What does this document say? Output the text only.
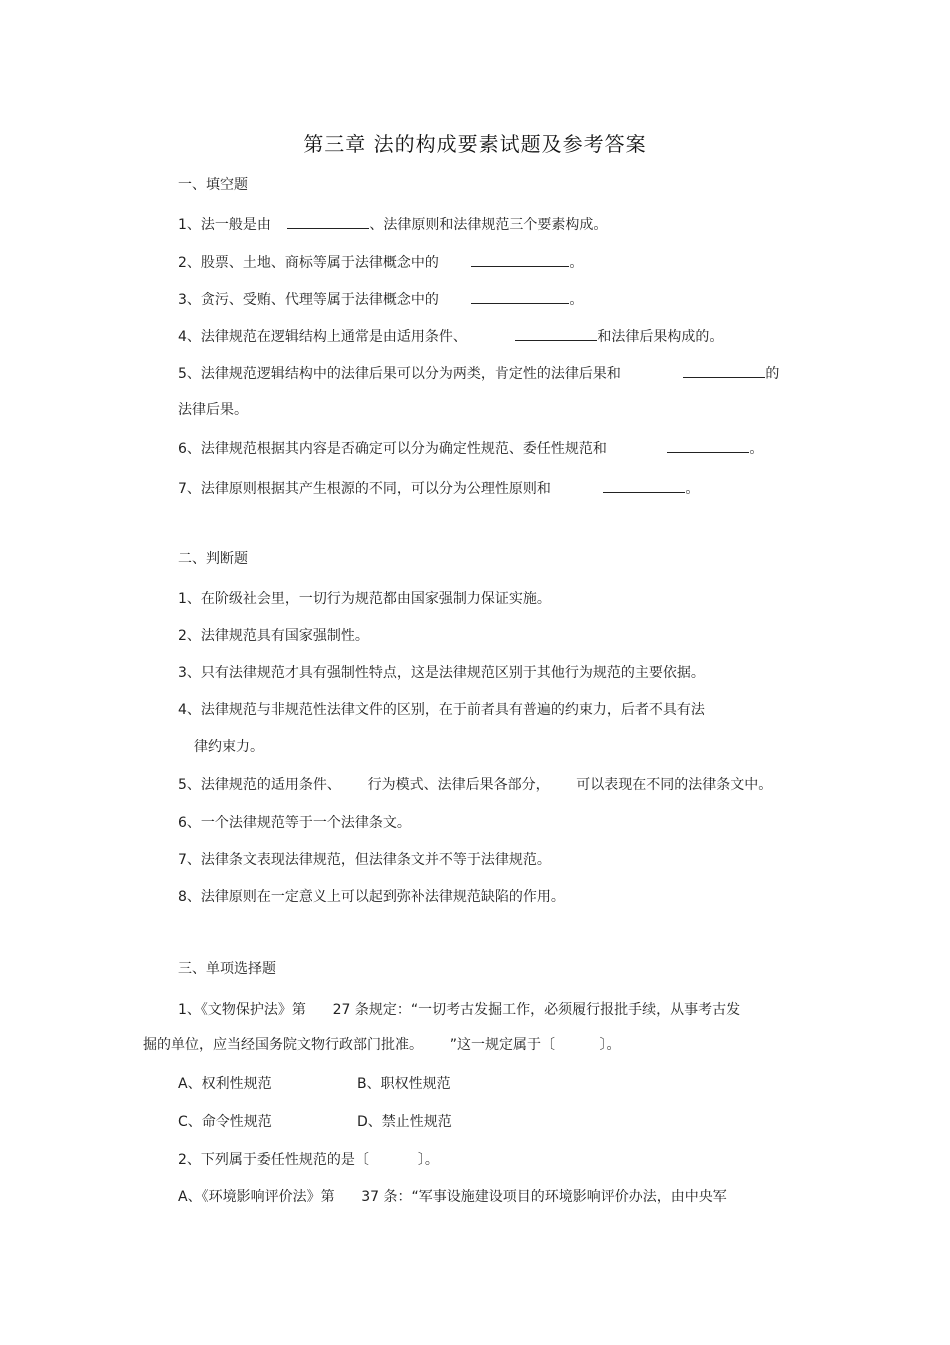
第三章 法的构成要素试题及参考答案
一、填空题
1、法一般是由	、法律原则和法律规范三个要素构成。
2、股票、土地、商标等属于法律概念中的	。
3、贪污、受贿、代理等属于法律概念中的	。
4、法律规范在逻辑结构上通常是由适用条件、	和法律后果构成的。
5、法律规范逻辑结构中的法律后果可以分为两类，肯定性的法律后果和	的
法律后果。
6、法律规范根据其内容是否确定可以分为确定性规范、委任性规范和	。
7、法律原则根据其产生根源的不同，可以分为公理性原则和	。
二、判断题
1、在阶级社会里，一切行为规范都由国家强制力保证实施。
2、法律规范具有国家强制性。
3、只有法律规范才具有强制性特点，这是法律规范区别于其他行为规范的主要依据。
4、法律规范与非规范性法律文件的区别，在于前者具有普遍的约束力，后者不具有法
律约束力。
5、法律规范的适用条件、      行为模式、法律后果各部分，      可以表现在不同的法律条文中。
6、一个法律规范等于一个法律条文。
7、法律条文表现法律规范，但法律条文并不等于法律规范。
8、法律原则在一定意义上可以起到弥补法律规范缺陷的作用。
三、单项选择题
1、《文物保护法》第      27 条规定：“一切考古发掘工作，必须履行报批手续，从事考古发
掘的单位，应当经国务院文物行政部门批准。      ”这一规定属于〔          〕。
A、权利性规范	B、职权性规范
C、命令性规范	D、禁止性规范
2、下列属于委任性规范的是〔           〕。
A、《环境影响评价法》第      37 条：“军事设施建设项目的环境影响评价办法，由中央军
